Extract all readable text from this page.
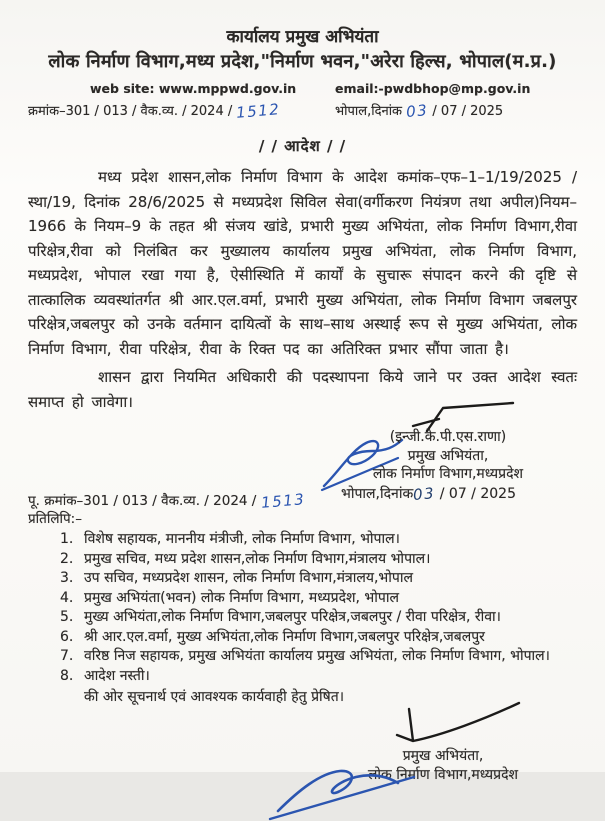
कार्यालय प्रमुख अभियंता
लोक निर्माण विभाग,मध्य प्रदेश,"निर्माण भवन,"अरेरा हिल्स, भोपाल(म.प्र.)
web site: www.mppwd.gov.in	email:-pwdbhop@mp.gov.in
क्रमांक–301 / 013 / वैक.व्य. / 2024 / 1512	भोपाल,दिनांक 03 / 07 / 2025
/ / आदेश / /

मध्य प्रदेश शासन,लोक निर्माण विभाग के आदेश कमांक–एफ–1–1/19/2025 /स्था/19, दिनांक 28/6/2025 से मध्यप्रदेश सिविल सेवा(वर्गीकरण नियंत्रण तथा अपील)नियम–1966 के नियम–9 के तहत श्री संजय खांडे, प्रभारी मुख्य अभियंता, लोक निर्माण विभाग,रीवा परिक्षेत्र,रीवा को निलंबित कर मुख्यालय कार्यालय प्रमुख अभियंता, लोक निर्माण विभाग, मध्यप्रदेश, भोपाल रखा गया है, ऐसीस्थिति में कार्यों के सुचारू संपादन करने की दृष्टि से तात्कालिक व्यवस्थांतर्गत श्री आर.एल.वर्मा, प्रभारी मुख्य अभियंता, लोक निर्माण विभाग जबलपुर परिक्षेत्र,जबलपुर को उनके वर्तमान दायित्वों के साथ–साथ अस्थाई रूप से मुख्य अभियंता, लोक निर्माण विभाग, रीवा परिक्षेत्र, रीवा के रिक्त पद का अतिरिक्त प्रभार सौंपा जाता है।

शासन द्वारा नियमित अधिकारी की पदस्थापना किये जाने पर उक्त आदेश स्वतः समाप्त हो जावेगा।

(इन्जी.के.पी.एस.राणा)
प्रमुख अभियंता,
लोक निर्माण विभाग,मध्यप्रदेश
भोपाल,दिनांक03 / 07 / 2025
पू. क्रमांक–301 / 013 / वैक.व्य. / 2024 / 1513
प्रतिलिपि:–
1. विशेष सहायक, माननीय मंत्रीजी, लोक निर्माण विभाग, भोपाल।
2. प्रमुख सचिव, मध्य प्रदेश शासन,लोक निर्माण विभाग,मंत्रालय भोपाल।
3. उप सचिव, मध्यप्रदेश शासन, लोक निर्माण विभाग,मंत्रालय,भोपाल
4. प्रमुख अभियंता(भवन) लोक निर्माण विभाग, मध्यप्रदेश, भोपाल
5. मुख्य अभियंता,लोक निर्माण विभाग,जबलपुर परिक्षेत्र,जबलपुर / रीवा परिक्षेत्र, रीवा।
6. श्री आर.एल.वर्मा, मुख्य अभियंता,लोक निर्माण विभाग,जबलपुर परिक्षेत्र,जबलपुर
7. वरिष्ठ निज सहायक, प्रमुख अभियंता कार्यालय प्रमुख अभियंता, लोक निर्माण विभाग, भोपाल।
8. आदेश नस्ती।
की ओर सूचनार्थ एवं आवश्यक कार्यवाही हेतु प्रेषित।
प्रमुख अभियंता,
लोक निर्माण विभाग,मध्यप्रदेश
